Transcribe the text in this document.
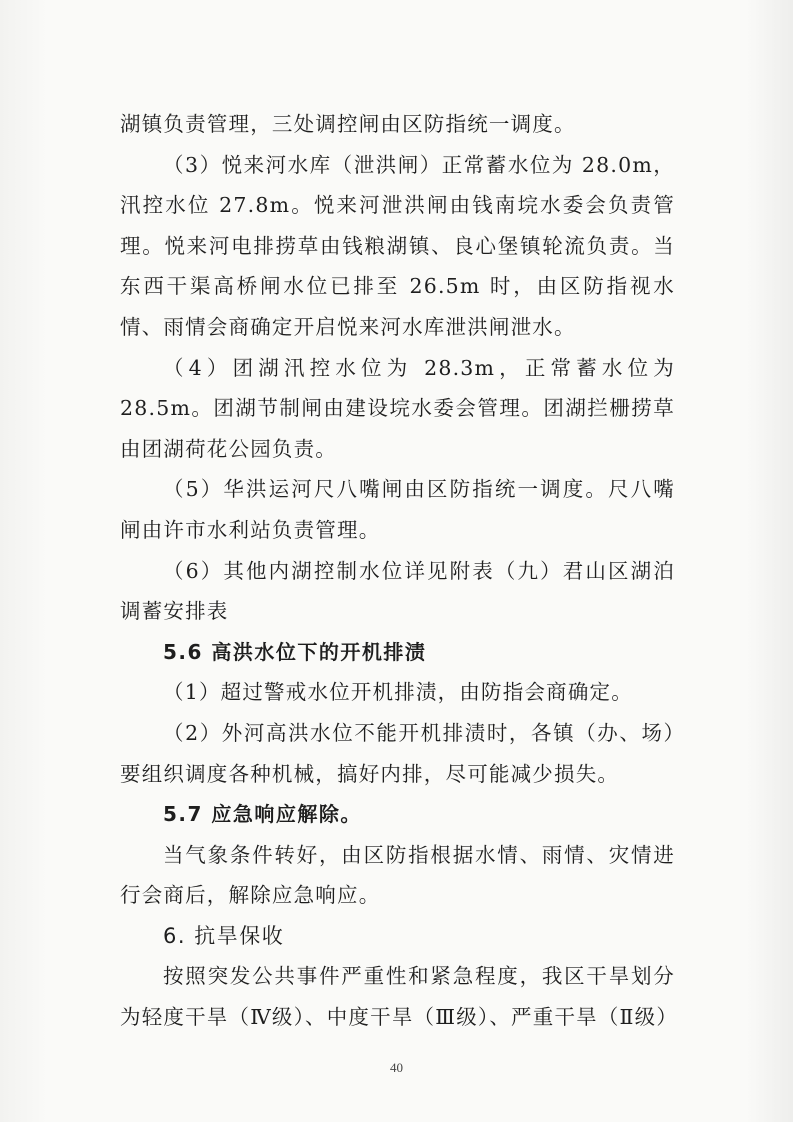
湖镇负责管理，三处调控闸由区防指统一调度。

（3）悦来河水库（泄洪闸）正常蓄水位为 28.0m，汛控水位 27.8m。悦来河泄洪闸由钱南垸水委会负责管理。悦来河电排捞草由钱粮湖镇、良心堡镇轮流负责。当东西干渠高桥闸水位已排至 26.5m 时，由区防指视水情、雨情会商确定开启悦来河水库泄洪闸泄水。

（4）团湖汛控水位为 28.3m，正常蓄水位为 28.5m。团湖节制闸由建设垸水委会管理。团湖拦栅捞草由团湖荷花公园负责。

（5）华洪运河尺八嘴闸由区防指统一调度。尺八嘴闸由许市水利站负责管理。

（6）其他内湖控制水位详见附表（九）君山区湖泊调蓄安排表

5.6 高洪水位下的开机排渍

（1）超过警戒水位开机排渍，由防指会商确定。

（2）外河高洪水位不能开机排渍时，各镇（办、场）要组织调度各种机械，搞好内排，尽可能减少损失。

5.7 应急响应解除。

当气象条件转好，由区防指根据水情、雨情、灾情进行会商后，解除应急响应。

6. 抗旱保收

按照突发公共事件严重性和紧急程度，我区干旱划分为轻度干旱（Ⅳ级）、中度干旱（Ⅲ级）、严重干旱（Ⅱ级）

40
